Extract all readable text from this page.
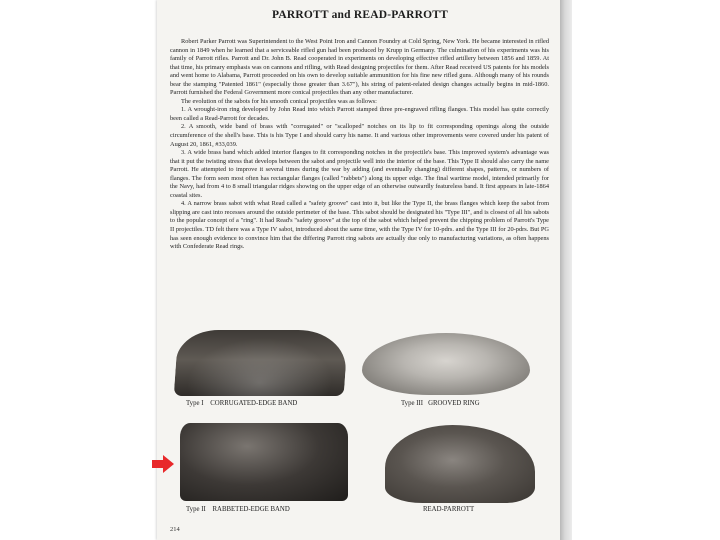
PARROTT and READ-PARROTT

Robert Parker Parrott was Superintendent to the West Point Iron and Cannon Foundry at Cold Spring, New York. He became interested in rifled cannon in 1849 when he learned that a serviceable rifled gun had been produced by Krupp in Germany. The culmination of his experiments was his family of Parrott rifles. Parrott and Dr. John B. Read cooperated in experiments on developing effective rifled artillery between 1856 and 1859. At that time, his primary emphasis was on cannons and rifling, with Read designing projectiles for them. After Read received US patents for his models and went home to Alabama, Parrott proceeded on his own to develop suitable ammunition for his fine new rifled guns. Although many of his rounds bear the stamping "Patented 1861" (especially those greater than 3.67"), his string of patent-related design changes actually begins in mid-1860. Parrott furnished the Federal Government more conical projectiles than any other manufacturer.

The evolution of the sabots for his smooth conical projectiles was as follows:

1. A wrought-iron ring developed by John Read into which Parrott stamped three pre-engraved rifling flanges. This model has quite correctly been called a Read-Parrott for decades.

2. A smooth, wide band of brass with "corrugated" or "scalloped" notches on its lip to fit corresponding openings along the outside circumference of the shell's base. This is his Type I and should carry his name. It and various other improvements were covered under his patent of August 20, 1861, #33,039.

3. A wide brass band which added interior flanges to fit corresponding notches in the projectile's base. This improved system's advantage was that it put the twisting stress that develops between the sabot and projectile well into the interior of the base. This Type II should also carry the name Parrott. He attempted to improve it several times during the war by adding (and eventually changing) different shapes, patterns, or numbers of flanges. The form seen most often has rectangular flanges (called "rabbets") along its upper edge. The final wartime model, intended primarily for the Navy, had from 4 to 8 small triangular ridges showing on the upper edge of an otherwise outwardly featureless band. It first appears in late-1864 coastal sites.

4. A narrow brass sabot with what Read called a "safety groove" cast into it, but like the Type II, the brass flanges which keep the sabot from slipping are cast into recesses around the outside perimeter of the base. This sabot should be designated his "Type III", and is closest of all his sabots to the popular concept of a "ring". It had Read's "safety groove" at the top of the sabot which helped prevent the chipping problem of Parrott's Type II projectiles. TD felt there was a Type IV sabot, introduced about the same time, with the Type IV for 10-pdrs. and the Type III for 20-pdrs. But PG has seen enough evidence to convince him that the differing Parrott ring sabots are actually due only to manufacturing variations, as often happens with Confederate Read rings.

Type I    CORRUGATED-EDGE BAND	Type III   GROOVED RING
Type II    RABBETED-EDGE BAND	READ-PARROTT
214
